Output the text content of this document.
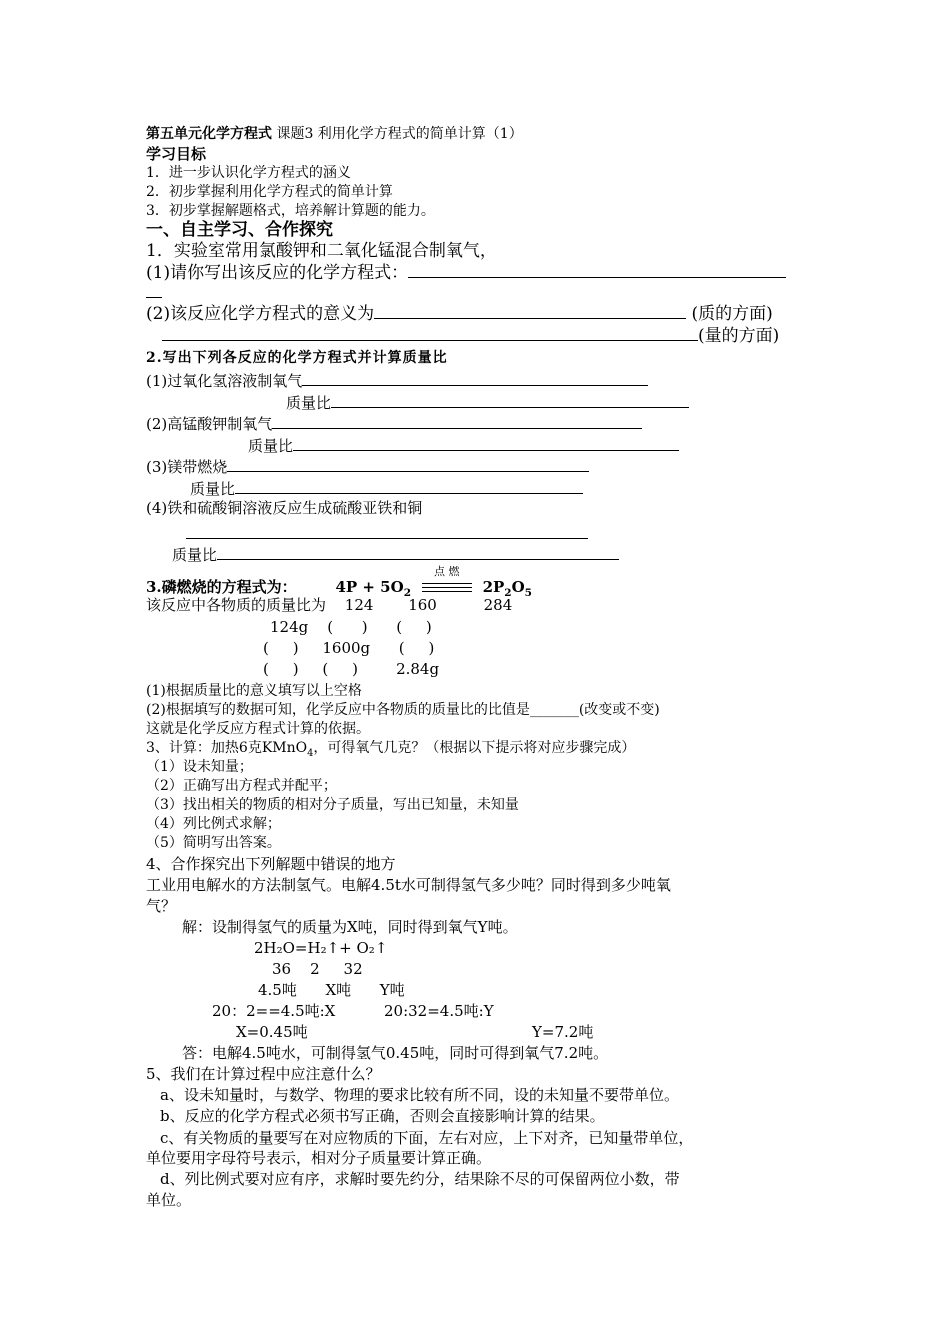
第五单元化学方程式 课题3 利用化学方程式的简单计算（1）
学习目标
1．进一步认识化学方程式的涵义
2．初步掌握利用化学方程式的简单计算
3．初步掌握解题格式，培养解计算题的能力。
一、自主学习、合作探究
1．实验室常用氯酸钾和二氧化锰混合制氧气，
(1)请你写出该反应的化学方程式：
(2)该反应化学方程式的意义为	(质的方面)
(量的方面)
2.写出下列各反应的化学方程式并计算质量比
(1)过氧化氢溶液制氧气
质量比
(2)高锰酸钾制氧气
质量比
(3)镁带燃烧
质量比
(4)铁和硫酸铜溶液反应生成硫酸亚铁和铜
质量比
3.磷燃烧的方程式为：	$4P + 5O_2$
点 燃
$2P_2O_5$
该反应中各物质的质量比为 124 160	284
124g    (      )      (     )
(     )     1600g      (     )
(     )     (     )        2.84g
(1)根据质量比的意义填写以上空格
(2)根据填写的数据可知，化学反应中各物质的质量比的比值是_______(改变或不变)
这就是化学反应方程式计算的依据。
3、计算：加热6克KMnO$_4$，可得氧气几克？（根据以下提示将对应步骤完成）
（1）设未知量；
（2）正确写出方程式并配平；
（3）找出相关的物质的相对分子质量，写出已知量，未知量
（4）列比例式求解；
（5）简明写出答案。
4、合作探究出下列解题中错误的地方
工业用电解水的方法制氢气。电解4.5t水可制得氢气多少吨？同时得到多少吨氧
气？
解：设制得氢气的质量为X吨，同时得到氧气Y吨。
2H₂O=H₂↑+ O₂↑
36    2     32
4.5吨      X吨      Y吨
20：2==4.5吨:X	20:32=4.5吨:Y
X=0.45吨	Y=7.2吨
答：电解4.5吨水，可制得氢气0.45吨，同时可得到氧气7.2吨。
5、我们在计算过程中应注意什么？
a、设未知量时，与数学、物理的要求比较有所不同，设的未知量不要带单位。
b、反应的化学方程式必须书写正确，否则会直接影响计算的结果。
c、有关物质的量要写在对应物质的下面，左右对应，上下对齐，已知量带单位，
单位要用字母符号表示，相对分子质量要计算正确。
d、列比例式要对应有序，求解时要先约分，结果除不尽的可保留两位小数，带
单位。
